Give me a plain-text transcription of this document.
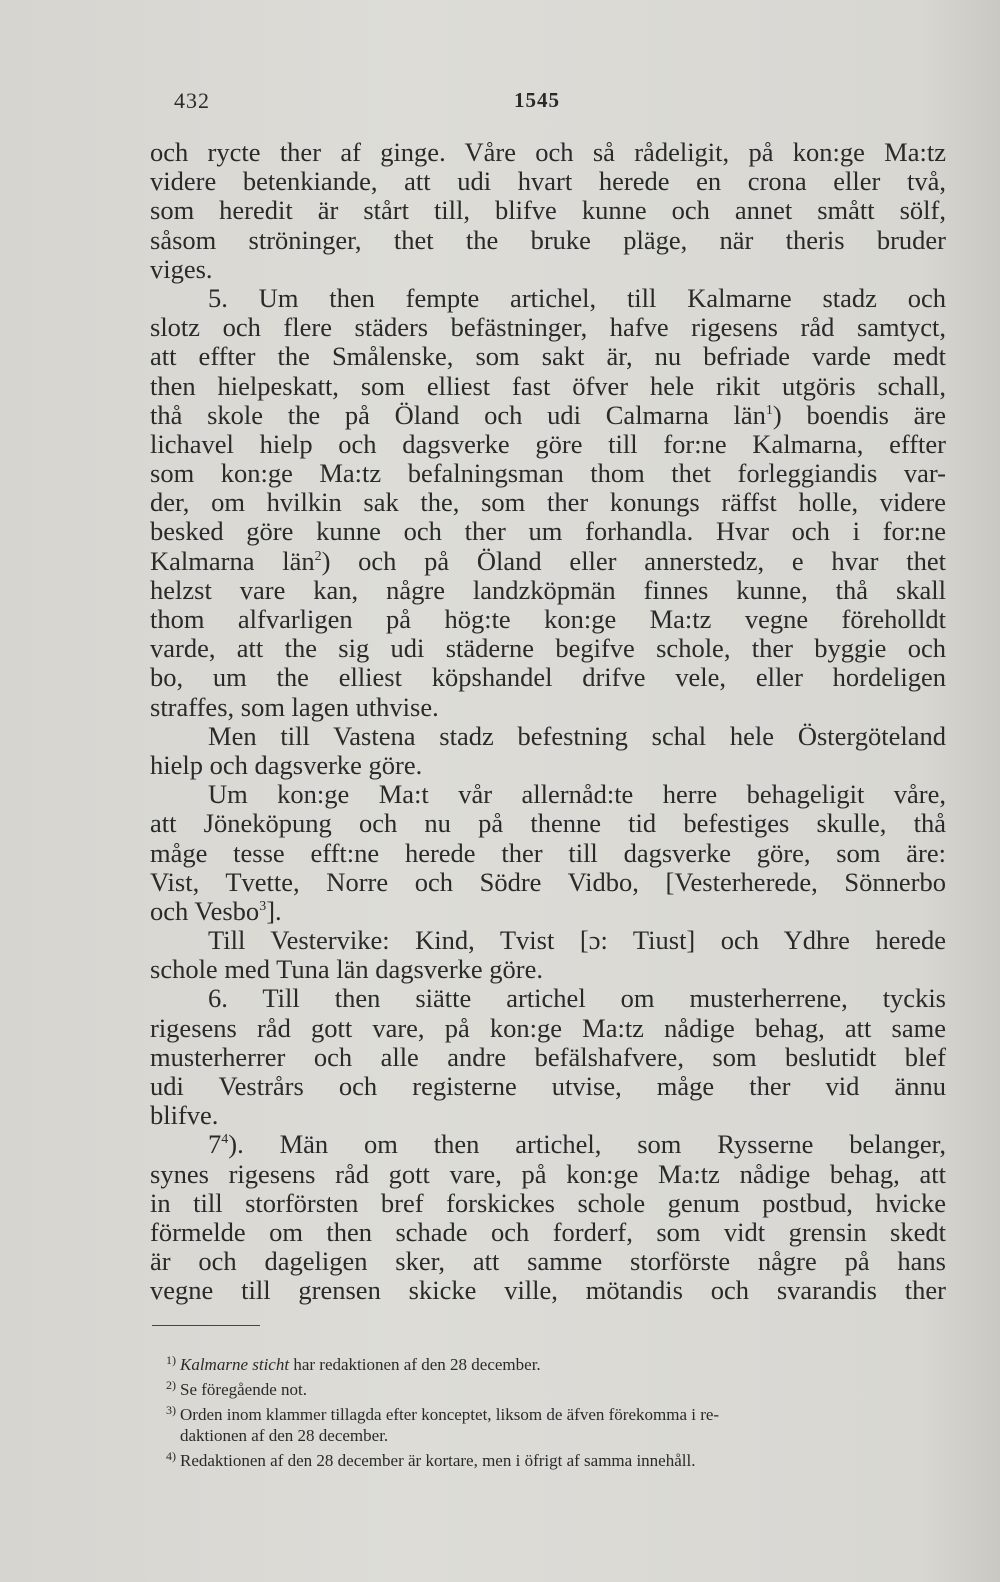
432	1545
och rycte ther af ginge. Våre och så rådeligit, på kon:ge Ma:tz
videre betenkiande, att udi hvart herede en crona eller två,
som heredit är stårt till, blifve kunne och annet smått sölf,
såsom ströninger, thet the bruke pläge, när theris bruder
viges.
5. Um then fempte artichel, till Kalmarne stadz och
slotz och flere städers befästninger, hafve rigesens råd samtyct,
att effter the Smålenske, som sakt är, nu befriade varde medt
then hielpeskatt, som elliest fast öfver hele rikit utgöris schall,
thå skole the på Öland och udi Calmarna län$^1$) boendis äre
lichavel hielp och dagsverke göre till for:ne Kalmarna, effter
som kon:ge Ma:tz befalningsman thom thet forleggiandis var-
der, om hvilkin sak the, som ther konungs räffst holle, videre
besked göre kunne och ther um forhandla. Hvar och i for:ne
Kalmarna län$^2$) och på Öland eller annerstedz, e hvar thet
helzst vare kan, någre landzköpmän finnes kunne, thå skall
thom alfvarligen på hög:te kon:ge Ma:tz vegne föreholldt
varde, att the sig udi städerne begifve schole, ther byggie och
bo, um the elliest köpshandel drifve vele, eller hordeligen
straffes, som lagen uthvise.
Men till Vastena stadz befestning schal hele Östergöteland
hielp och dagsverke göre.
Um kon:ge Ma:t vår allernåd:te herre behageligit våre,
att Jöneköpung och nu på thenne tid befestiges skulle, thå
måge tesse efft:ne herede ther till dagsverke göre, som äre:
Vist, Tvette, Norre och Södre Vidbo, [Vesterherede, Sönnerbo
och Vesbo$^3$].
Till Vestervike: Kind, Tvist [ɔ: Tiust] och Ydhre herede
schole med Tuna län dagsverke göre.
6. Till then siätte artichel om musterherrene, tyckis
rigesens råd gott vare, på kon:ge Ma:tz nådige behag, att same
musterherrer och alle andre befälshafvere, som beslutidt blef
udi Vestrårs och registerne utvise, måge ther vid ännu
blifve.
$7^4$). Män om then artichel, som Rysserne belanger,
synes rigesens råd gott vare, på kon:ge Ma:tz nådige behag, att
in till storförsten bref forskickes schole genum postbud, hvicke
förmelde om then schade och forderf, som vidt grensin skedt
är och dageligen sker, att samme storförste någre på hans
vegne till grensen skicke ville, mötandis och svarandis ther
1) Kalmarne sticht har redaktionen af den 28 december.
2) Se föregående not.
3) Orden inom klammer tillagda efter konceptet, liksom de äfven förekomma i re-
daktionen af den 28 december.
4) Redaktionen af den 28 december är kortare, men i öfrigt af samma innehåll.
